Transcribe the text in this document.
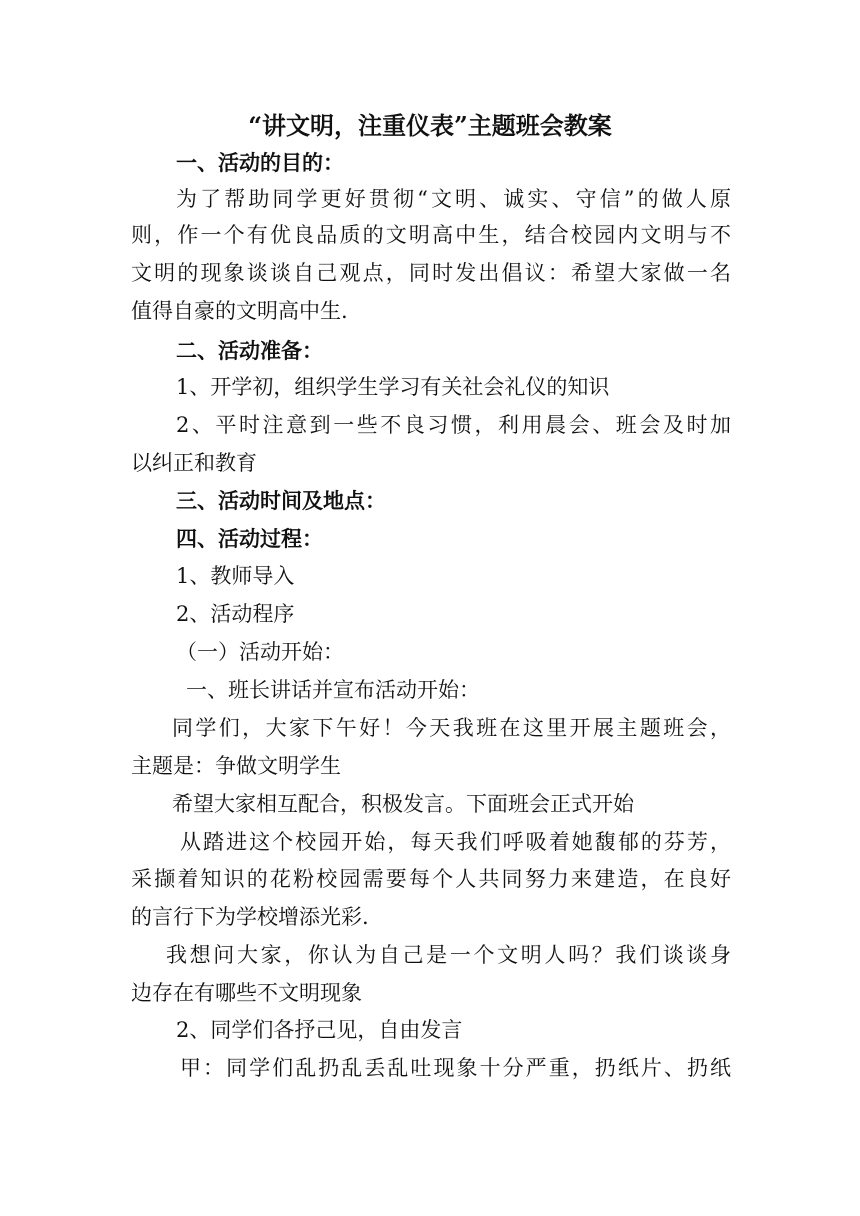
“讲文明，注重仪表”主题班会教案
一、活动的目的：
为了帮助同学更好贯彻“文明、诚实、守信”的做人原
则，作一个有优良品质的文明高中生，结合校园内文明与不
文明的现象谈谈自己观点，同时发出倡议：希望大家做一名
值得自豪的文明高中生.
二、活动准备：
1、开学初，组织学生学习有关社会礼仪的知识
2、平时注意到一些不良习惯，利用晨会、班会及时加
以纠正和教育
三、活动时间及地点：
四、活动过程：
1、教师导入
2、活动程序
（一）活动开始：
一、班长讲话并宣布活动开始：
同学们，大家下午好！今天我班在这里开展主题班会，
主题是：争做文明学生
希望大家相互配合，积极发言。下面班会正式开始
从踏进这个校园开始，每天我们呼吸着她馥郁的芬芳，
采撷着知识的花粉校园需要每个人共同努力来建造，在良好
的言行下为学校增添光彩.
我想问大家，你认为自己是一个文明人吗？我们谈谈身
边存在有哪些不文明现象
2、同学们各抒己见，自由发言
甲：同学们乱扔乱丢乱吐现象十分严重，扔纸片、扔纸
